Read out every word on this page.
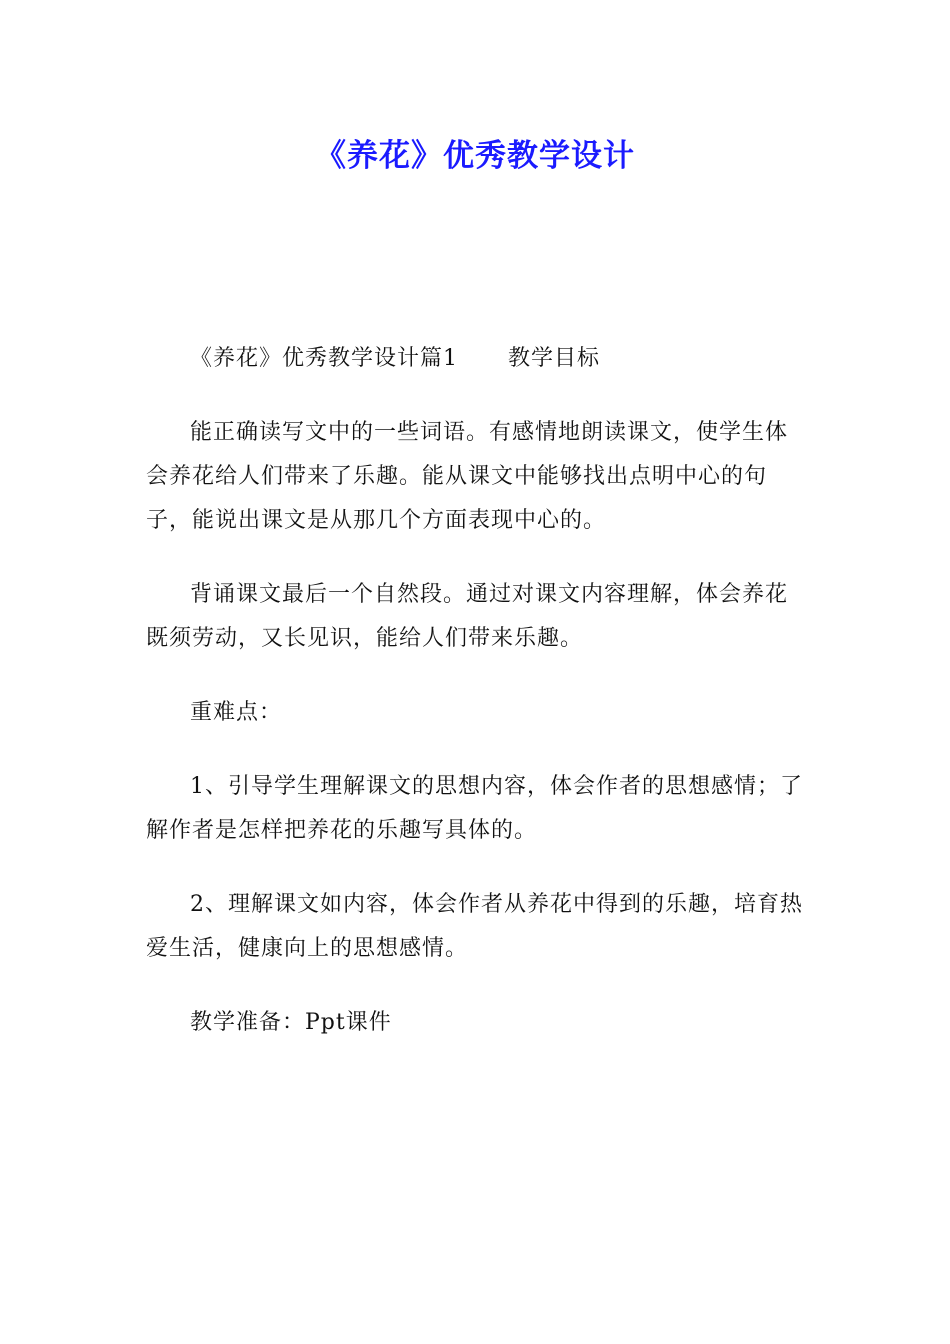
《养花》优秀教学设计

《养花》优秀教学设计篇1 教学目标

能正确读写文中的一些词语。有感情地朗读课文，使学生体会养花给人们带来了乐趣。能从课文中能够找出点明中心的句子，能说出课文是从那几个方面表现中心的。

背诵课文最后一个自然段。通过对课文内容理解，体会养花既须劳动，又长见识，能给人们带来乐趣。

重难点：

1、引导学生理解课文的思想内容，体会作者的思想感情；了解作者是怎样把养花的乐趣写具体的。

2、理解课文如内容，体会作者从养花中得到的乐趣，培育热爱生活，健康向上的思想感情。

教学准备：Ppt课件
